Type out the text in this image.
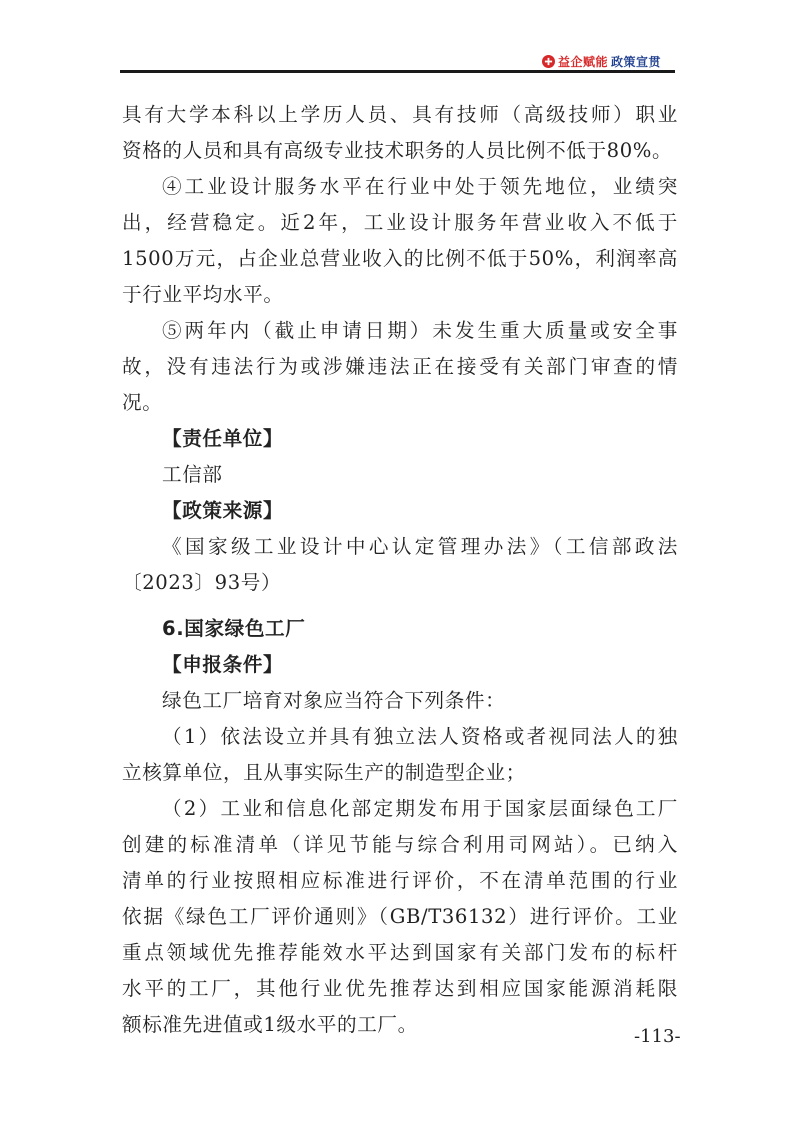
益企赋能 政策宣贯

具有大学本科以上学历人员、具有技师（高级技师）职业

资格的人员和具有高级专业技术职务的人员比例不低于80%。

④工业设计服务水平在行业中处于领先地位，业绩突

出，经营稳定。近2年，工业设计服务年营业收入不低于

1500万元，占企业总营业收入的比例不低于50%，利润率高

于行业平均水平。

⑤两年内（截止申请日期）未发生重大质量或安全事

故，没有违法行为或涉嫌违法正在接受有关部门审查的情

况。

【责任单位】

工信部

【政策来源】

《国家级工业设计中心认定管理办法》（工信部政法

〔2023〕93号）

6.国家绿色工厂

【申报条件】

绿色工厂培育对象应当符合下列条件：

（1）依法设立并具有独立法人资格或者视同法人的独

立核算单位，且从事实际生产的制造型企业；

（2）工业和信息化部定期发布用于国家层面绿色工厂

创建的标准清单（详见节能与综合利用司网站）。已纳入

清单的行业按照相应标准进行评价，不在清单范围的行业

依据《绿色工厂评价通则》（GB/T36132）进行评价。工业

重点领域优先推荐能效水平达到国家有关部门发布的标杆

水平的工厂，其他行业优先推荐达到相应国家能源消耗限

额标准先进值或1级水平的工厂。

-113-
